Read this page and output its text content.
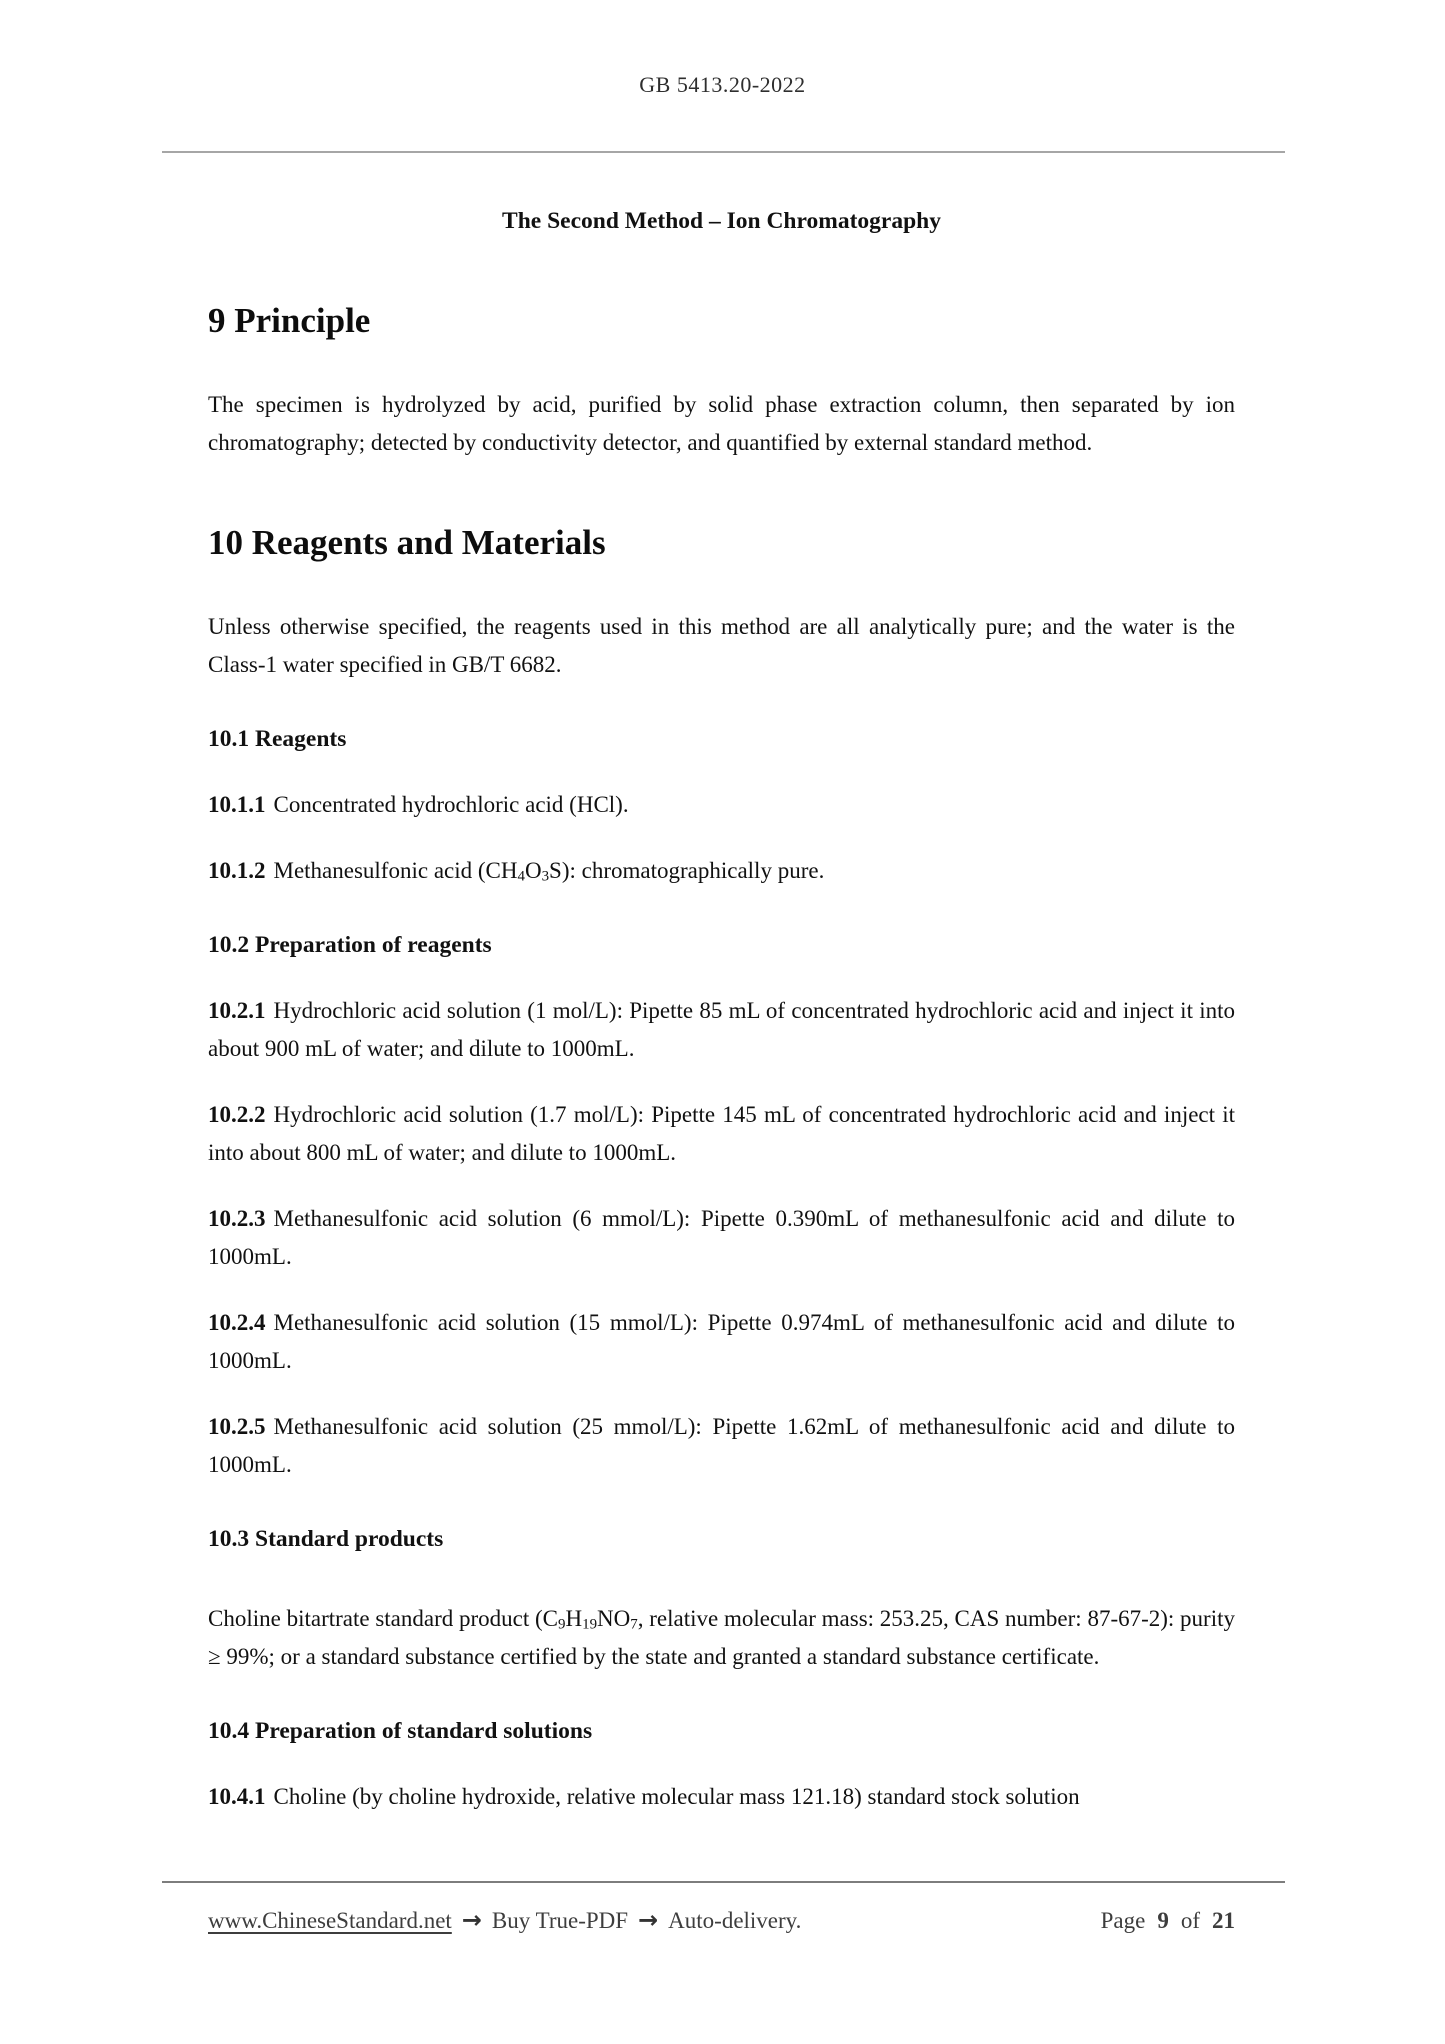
GB 5413.20-2022
The Second Method – Ion Chromatography
9 Principle

The specimen is hydrolyzed by acid, purified by solid phase extraction column, then separated by ion chromatography; detected by conductivity detector, and quantified by external standard method.

10 Reagents and Materials

Unless otherwise specified, the reagents used in this method are all analytically pure; and the water is the Class-1 water specified in GB/T 6682.

10.1 Reagents

10.1.1 Concentrated hydrochloric acid (HCl).

10.1.2 Methanesulfonic acid $(CH_4O_3S)$: chromatographically pure.

10.2 Preparation of reagents

10.2.1 Hydrochloric acid solution (1 mol/L): Pipette 85 mL of concentrated hydrochloric acid and inject it into about 900 mL of water; and dilute to 1000mL.

10.2.2 Hydrochloric acid solution (1.7 mol/L): Pipette 145 mL of concentrated hydrochloric acid and inject it into about 800 mL of water; and dilute to 1000mL.

10.2.3 Methanesulfonic acid solution (6 mmol/L): Pipette 0.390mL of methanesulfonic acid and dilute to 1000mL.

10.2.4 Methanesulfonic acid solution (15 mmol/L): Pipette 0.974mL of methanesulfonic acid and dilute to 1000mL.

10.2.5 Methanesulfonic acid solution (25 mmol/L): Pipette 1.62mL of methanesulfonic acid and dilute to 1000mL.

10.3 Standard products

Choline bitartrate standard product ($C_9H_{19}NO_7$, relative molecular mass: 253.25, CAS number: 87-67-2): purity ≥ 99%; or a standard substance certified by the state and granted a standard substance certificate.

10.4 Preparation of standard solutions

10.4.1 Choline (by choline hydroxide, relative molecular mass 121.18) standard stock solution

www.ChineseStandard.net → Buy True-PDF → Auto-delivery.	Page 9 of 21
